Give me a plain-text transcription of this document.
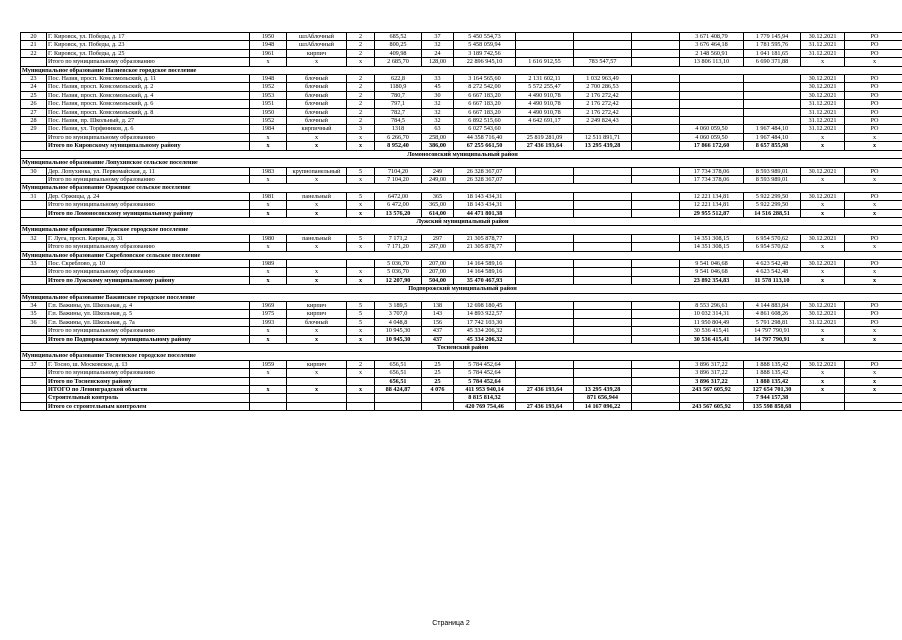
20	Г. Кировск, ул. Победы, д. 17	1950	шлАблочный	2	685,52	37	5 450 554,73				3 671 408,79	1 779 145,94	30.12.2021	РО
21	Г. Кировск, ул. Победы, д. 23	1948	шлАблочный	2	800,25	32	5 458 059,94				3 676 464,18	1 781 595,76	31.12.2021	РО
22	Г. Кировск, ул. Победы, д. 25	1961	кирпич	2	409,98	24	3 189 742,56				2 148 560,91	1 041 181,65	31.12.2021	РО
	Итого по муниципальному образованию	х	х	х	2 685,70	128,00	22 896 945,10	1 616 912,55	783 547,57		13 806 113,10	6 690 371,88	х	х
Муниципальное образование Назиевское городское поселение														
23	Пос. Назия, просп. Комсомольский, д. 11	1948	блочный	2	622,8	33	3 164 565,60	2 131 602,11	1 032 963,49				30.12.2021	РО
24	Пос. Назия, просп. Комсомольский, д. 2	1952	блочный	2	1180,9	45	8 272 542,00	5 572 255,47	2 700 286,53				30.12.2021	РО
25	Пос. Назия, просп. Комсомольский, д. 4	1953	блочный	2	780,7	30	6 667 183,20	4 490 910,78	2 176 272,42				30.12.2021	РО
26	Пос. Назия, просп. Комсомольский, д. 6	1951	блочный	2	797,1	32	6 667 183,20	4 490 910,78	2 176 272,42				31.12.2021	РО
27	Пос. Назия, просп. Комсомольский, д. 8	1950	блочный	2	782,7	32	6 667 183,20	4 490 910,78	2 176 272,42				31.12.2021	РО
28	Пос. Назия, пр. Школьный, д. 27	1952	блочный	2	784,5	32	6 892 515,60	4 642 691,17	2 249 824,43				31.12.2021	РО
29	Пос. Назия, ул. Торфяников, д. 6	1984	кирпичный	3	1318	63	6 027 543,60				4 060 059,50	1 967 484,10	31.12.2021	РО
	Итого по муниципальному образованию	х	х	х	6 266,70	258,00	44 358 716,40	25 819 281,09	12 511 891,71		4 060 059,50	1 967 484,10	х	х
	Итого по Кировскому муниципальному району	х	х	х	8 952,40	386,00	67 255 661,50	27 436 193,64	13 295 439,28		17 866 172,60	8 657 855,98	х	х
Ломоносовский муниципальный район														
Муниципальное образование Лопухинское сельское поселение														
30	Дер. Лопухинка, ул. Первомайская, д. 11	1983	крупнопанельный	5	7104,20	249	26 328 367,07				17 734 378,06	8 593 989,01	30.12.2021	РО
	Итого по муниципальному образованию	х	х	х	7 104,20	249,00	26 328 367,07				17 734 378,06	8 593 989,01	х	х
Муниципальное образование Оржицкое сельское поселение														
31	Дер. Оржицы, д. 24	1981	панельный	5	6472,00	365	18 143 434,31				12 221 134,81	5 922 299,50	30.12.2021	РО
	Итого по муниципальному образованию	х	х	х	6 472,00	365,00	18 143 434,31				12 221 134,81	5 922 299,50	х	х
	Итого по Ломоносовскому муниципальному району	х	х	х	13 576,20	614,00	44 471 801,38				29 955 512,87	14 516 288,51	х	х
Лужский муниципальный район														
Муниципальное образование Лужское городское поселение														
32	Г. Луга, просп. Кирова, д. 31	1980	панельный	5	7 171,2	297	21 305 878,77				14 351 308,15	6 954 570,62	30.12.2021	РО
	Итого по муниципальному образованию	х	х	х	7 171,20	297,00	21 305 878,77				14 351 308,15	6 954 570,62	х	х
Муниципальное образование Скребловское сельское поселение														
33	Пос. Скреблово, д. 10	1989			5 036,70	207,00	14 164 589,16				9 541 046,68	4 623 542,48	30.12.2021	РО
	Итого по муниципальному образованию	х	х	х	5 036,70	207,00	14 164 589,16				9 541 046,68	4 623 542,48	х	х
	Итого по Лужскому муниципальному району	х	х	х	12 207,90	504,00	35 470 467,93				23 892 354,83	11 578 113,10	х	х
Подпорожский муниципальный район														
Муниципальное образование Важинское городское поселение														
34	Г.п. Важины, ул. Школьная, д. 4	1969	кирпич	5	3 189,5	138	12 698 180,45				8 553 296,61	4 144 883,84	30.12.2021	РО
35	Г.п. Важины, ул. Школьная, д. 5	1975	кирпич	5	3 707,0	143	14 893 922,57				10 032 314,31	4 861 608,26	30.12.2021	РО
36	Г.п. Важины, ул. Школьная, д. 7а	1993	блочный	5	4 048,8	156	17 742 103,30				11 950 804,49	5 791 298,81	31.12.2021	РО
	Итого по муниципальному образованию	х	х	х	10 945,30	437	45 334 206,32				30 536 415,41	14 797 790,91	х	х
	Итого по Подпорожскому муниципальному району	х	х	х	10 945,30	437	45 334 206,32				30 536 415,41	14 797 790,91	х	х
Тосненский район														
Муниципальное образование Тосненское городское поселение														
37	Г. Тосно, ш. Московское, д. 13	1959	кирпич	2	656,51	25	5 784 452,64				3 896 317,22	1 888 135,42	30.12.2021	РО
	Итого по муниципальному образованию	х	х	х	656,51	25	5 784 452,64				3 896 317,22	1 888 135,42	х	х
	Итого по Тосненскому району				656,51	25	5 784 452,64				3 896 317,22	1 888 135,42	х	х
	ИТОГО по Ленинградской области	х	х	х	88 424,87	4 076	411 953 940,14	27 436 193,64	13 295 439,28		243 567 605,92	127 654 701,30	х	х
	Строительный контроль						8 815 814,32		871 656,944			7 944 157,38		
	Итого со строительным контролем						420 769 754,46	27 436 193,64	14 167 096,22		243 567 605,92	135 598 858,68		
Страница 2
